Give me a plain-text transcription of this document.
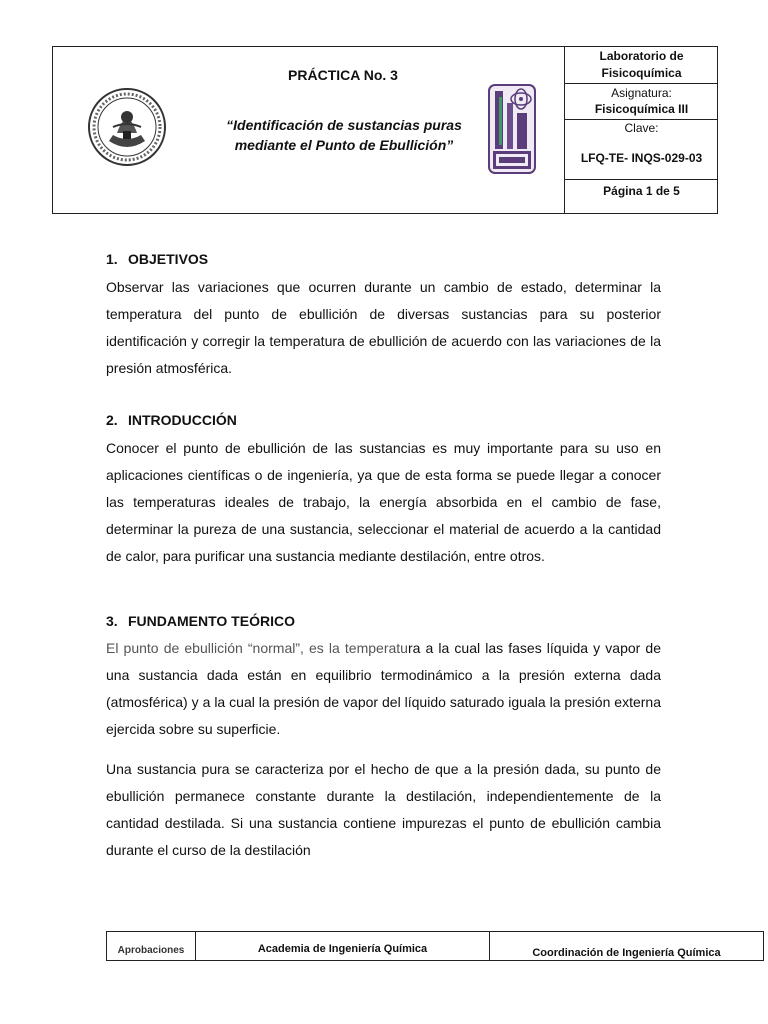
PRÁCTICA No. 3
“Identificación de sustancias puras mediante el Punto de Ebullición”
Laboratorio de Fisicoquímica
Asignatura:
Fisicoquímica III
Clave:
LFQ-TE- INQS-029-03
Página 1 de 5
1. OBJETIVOS
Observar las variaciones que ocurren durante un cambio de estado, determinar la temperatura del punto de ebullición de diversas sustancias para su posterior identificación y corregir la temperatura de ebullición de acuerdo con las variaciones de la presión atmosférica.
2. INTRODUCCIÓN
Conocer el punto de ebullición de las sustancias es muy importante para su uso en aplicaciones científicas o de ingeniería, ya que de esta forma se puede llegar a conocer las temperaturas ideales de trabajo, la energía absorbida en el cambio de fase, determinar la pureza de una sustancia, seleccionar el material de acuerdo a la cantidad de calor, para purificar una sustancia mediante destilación, entre otros.
3. FUNDAMENTO TEÓRICO
El punto de ebullición “normal”, es la temperatura a la cual las fases líquida y vapor de una sustancia dada están en equilibrio termodinámico a la presión externa dada (atmosférica) y a la cual la presión de vapor del líquido saturado iguala la presión externa ejercida sobre su superficie.
Una sustancia pura se caracteriza por el hecho de que a la presión dada, su punto de ebullición permanece constante durante la destilación, independientemente de la cantidad destilada. Si una sustancia contiene impurezas el punto de ebullición cambia durante el curso de la destilación
Aprobaciones	Academia de Ingeniería Química	Coordinación de Ingeniería Química
